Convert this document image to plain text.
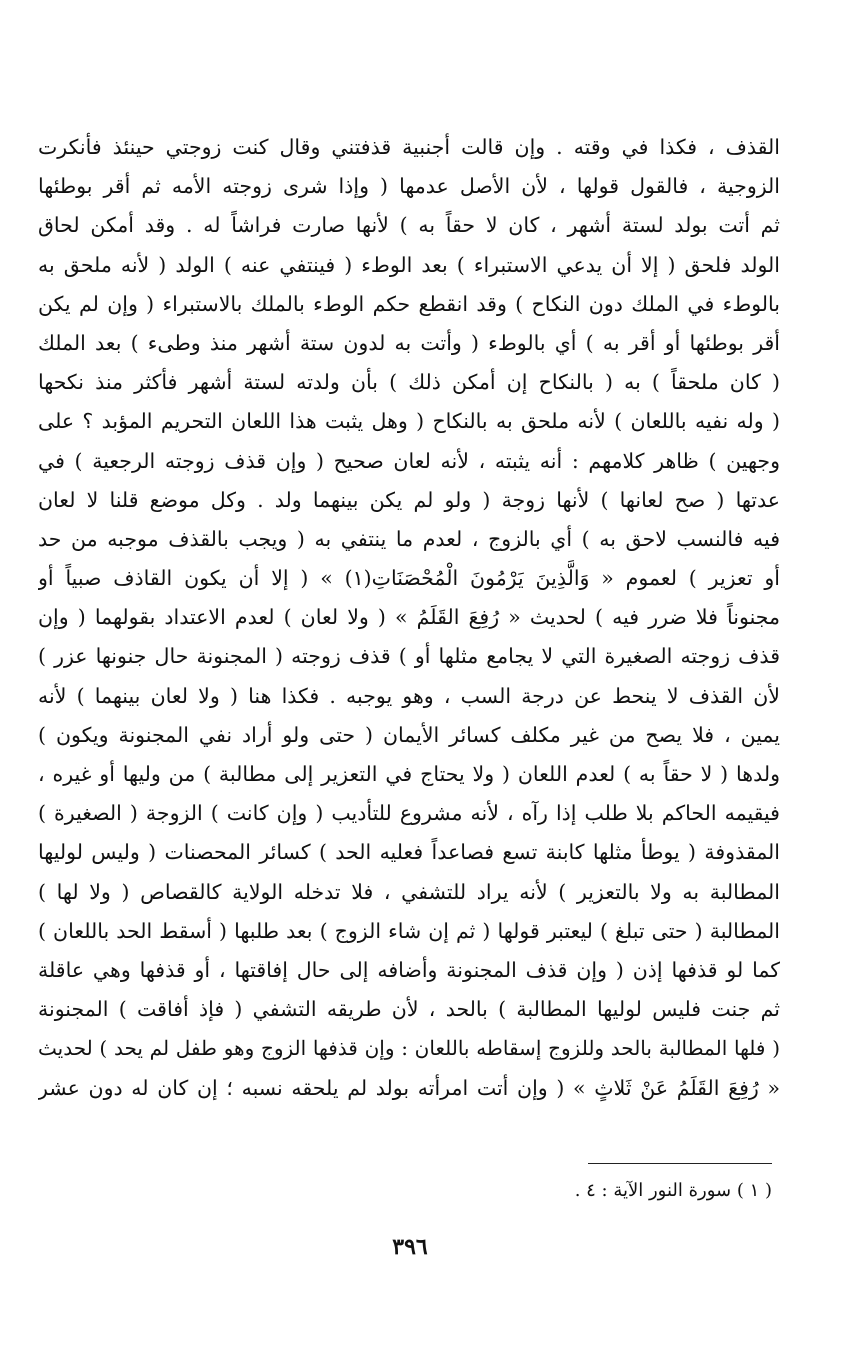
القذف ، فكذا في وقته . وإن قالت أجنبية قذفتني وقال كنت زوجتي حينئذ فأنكرت
الزوجية ، فالقول قولها ، لأن الأصل عدمها ( وإذا شرى زوجته الأمه ثم أقر بوطئها
ثم أتت بولد لستة أشهر ، كان لا حقاً به ) لأنها صارت فراشاً له . وقد أمكن لحاق
الولد فلحق ( إلا أن يدعي الاستبراء ) بعد الوطء ( فينتفي عنه ) الولد ( لأنه ملحق به
بالوطء في الملك دون النكاح ) وقد انقطع حكم الوطء بالملك بالاستبراء ( وإن لم يكن
أقر بوطئها أو أقر به ) أي بالوطء ( وأتت به لدون ستة أشهر منذ وطىء ) بعد الملك
( كان ملحقاً ) به ( بالنكاح إن أمكن ذلك ) بأن ولدته لستة أشهر فأكثر منذ نكحها
( وله نفيه باللعان ) لأنه ملحق به بالنكاح ( وهل يثبت هذا اللعان التحريم المؤبد ؟ على
وجهين ) ظاهر كلامهم : أنه يثبته ، لأنه لعان صحيح ( وإن قذف زوجته الرجعية ) في
عدتها ( صح لعانها ) لأنها زوجة ( ولو لم يكن بينهما ولد . وكل موضع قلنا لا لعان
فيه فالنسب لاحق به ) أي بالزوج ، لعدم ما ينتفي به ( ويجب بالقذف موجبه من حد
أو تعزير ) لعموم « وَالَّذِينَ يَرْمُونَ الْمُحْصَنَاتِ(١) » ( إلا أن يكون القاذف صبياً أو
مجنوناً فلا ضرر فيه ) لحديث « رُفِعَ القَلَمُ » ( ولا لعان ) لعدم الاعتداد بقولهما ( وإن
قذف زوجته الصغيرة التي لا يجامع مثلها أو ) قذف زوجته ( المجنونة حال جنونها عزر )
لأن القذف لا ينحط عن درجة السب ، وهو يوجبه . فكذا هنا ( ولا لعان بينهما ) لأنه
يمين ، فلا يصح من غير مكلف كسائر الأيمان ( حتى ولو أراد نفي المجنونة ويكون )
ولدها ( لا حقاً به ) لعدم اللعان ( ولا يحتاج في التعزير إلى مطالبة ) من وليها أو غيره ،
فيقيمه الحاكم بلا طلب إذا رآه ، لأنه مشروع للتأديب ( وإن كانت ) الزوجة ( الصغيرة )
المقذوفة ( يوطأ مثلها كابنة تسع فصاعداً فعليه الحد ) كسائر المحصنات ( وليس لوليها
المطالبة به ولا بالتعزير ) لأنه يراد للتشفي ، فلا تدخله الولاية كالقصاص ( ولا لها )
المطالبة ( حتى تبلغ ) ليعتبر قولها ( ثم إن شاء الزوج ) بعد طلبها ( أسقط الحد باللعان )
كما لو قذفها إذن ( وإن قذف المجنونة وأضافه إلى حال إفاقتها ، أو قذفها وهي عاقلة
ثم جنت فليس لوليها المطالبة ) بالحد ، لأن طريقه التشفي ( فإذ أفاقت ) المجنونة
( فلها المطالبة بالحد وللزوج إسقاطه باللعان : وإن قذفها الزوج وهو طفل لم يحد ) لحديث
« رُفِعَ القَلَمُ عَنْ ثَلاثٍ » ( وإن أتت امرأته بولد لم يلحقه نسبه ؛ إن كان له دون عشر
( ١ ) سورة النور الآية : ٤ .
٣٩٦
